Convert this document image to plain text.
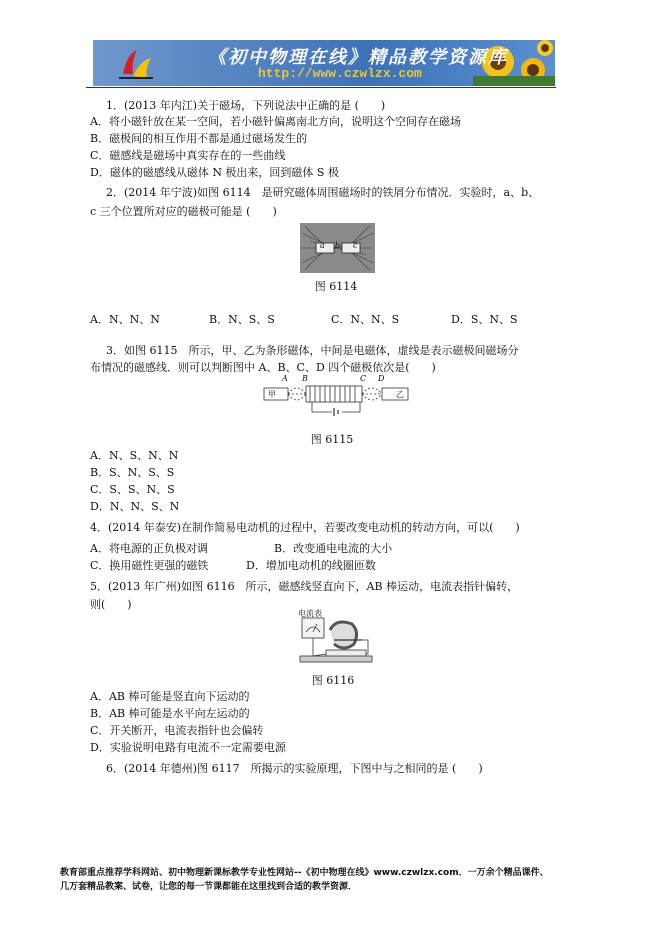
《初中物理在线》精品教学资源库
http://www.czwlzx.com
1．(2013 年内江)关于磁场，下列说法中正确的是 (　　)
A．将小磁针放在某一空间，若小磁针偏离南北方向，说明这个空间存在磁场
B．磁极间的相互作用不都是通过磁场发生的
C．磁感线是磁场中真实存在的一些曲线
D．磁体的磁感线从磁体 N 极出来，回到磁体 S 极
2．(2014 年宁波)如图 6114　是研究磁体周围磁场时的铁屑分布情况．实验时，a、b、
c 三个位置所对应的磁极可能是 (　　)
a b c
图 6114
A．N、N、N	B．N、S、S	C．N、N、S	D．S、N、S
3．如图 6115　所示，甲、乙为条形磁体，中间是电磁体，虚线是表示磁极间磁场分
布情况的磁感线．则可以判断图中 A、B、C、D 四个磁极依次是(　　)
A B	C D
甲	乙
图 6115
A．N、S、N、N
B．S、N、S、S
C．S、S、N、S
D．N、N、S、N
4．(2014 年泰安)在制作简易电动机的过程中，若要改变电动机的转动方向，可以(　　)
A．将电源的正负极对调	B．改变通电电流的大小
C．换用磁性更强的磁铁	D．增加电动机的线圈匝数
5．(2013 年广州)如图 6116　所示，磁感线竖直向下，AB 棒运动，电流表指针偏转，
则(　　)
电流表
图 6116
A．AB 棒可能是竖直向下运动的
B．AB 棒可能是水平向左运动的
C．开关断开，电流表指针也会偏转
D．实验说明电路有电流不一定需要电源
6．(2014 年德州)图 6117　所揭示的实验原理，下图中与之相同的是 (　　)
教育部重点推荐学科网站、初中物理新课标教学专业性网站--《初中物理在线》www.czwlzx.com．一万余个精品课件、
几万套精品教案、试卷，让您的每一节课都能在这里找到合适的教学资源．
